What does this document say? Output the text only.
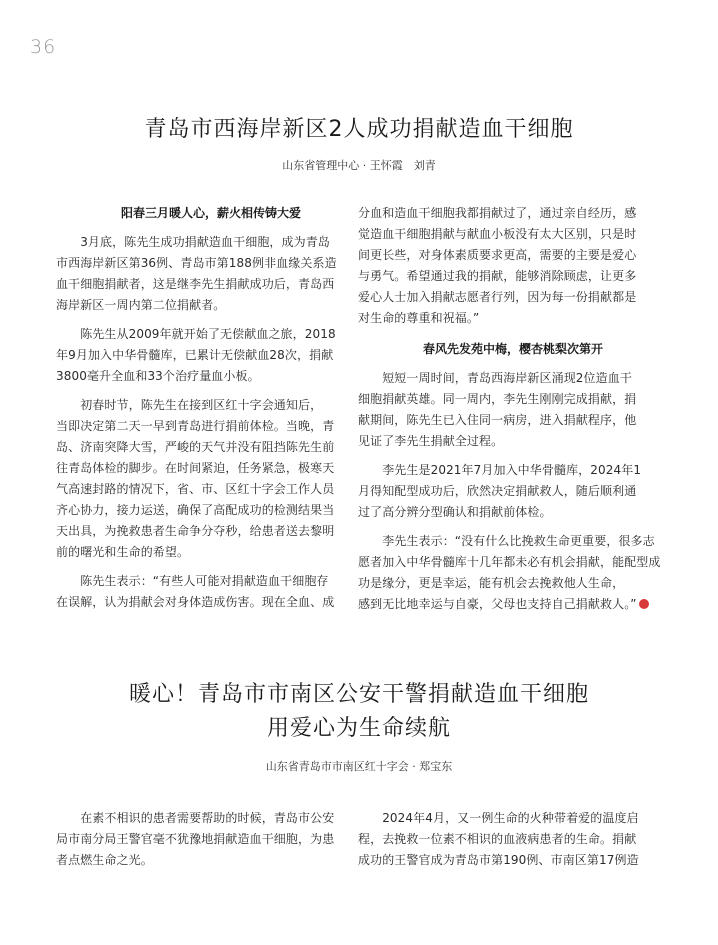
36
青岛市西海岸新区2人成功捐献造血干细胞
山东省管理中心 · 王怀霞　刘青
阳春三月暖人心，薪火相传铸大爱
　　3月底，陈先生成功捐献造血干细胞，成为青岛
市西海岸新区第36例、青岛市第188例非血缘关系造
血干细胞捐献者，这是继李先生捐献成功后，青岛西
海岸新区一周内第二位捐献者。
　　陈先生从2009年就开始了无偿献血之旅，2018
年9月加入中华骨髓库，已累计无偿献血28次，捐献
3800毫升全血和33个治疗量血小板。
　　初春时节，陈先生在接到区红十字会通知后，
当即决定第二天一早到青岛进行捐前体检。当晚，青
岛、济南突降大雪，严峻的天气并没有阻挡陈先生前
往青岛体检的脚步。在时间紧迫，任务紧急，极寒天
气高速封路的情况下，省、市、区红十字会工作人员
齐心协力，接力运送，确保了高配成功的检测结果当
天出具，为挽救患者生命争分夺秒，给患者送去黎明
前的曙光和生命的希望。
　　陈先生表示：“有些人可能对捐献造血干细胞存
在误解，认为捐献会对身体造成伤害。现在全血、成
分血和造血干细胞我都捐献过了，通过亲自经历，感
觉造血干细胞捐献与献血小板没有太大区别，只是时
间更长些，对身体素质要求更高，需要的主要是爱心
与勇气。希望通过我的捐献，能够消除顾虑，让更多
爱心人士加入捐献志愿者行列，因为每一份捐献都是
对生命的尊重和祝福。”
春风先发苑中梅，樱杏桃梨次第开
　　短短一周时间，青岛西海岸新区涌现2位造血干
细胞捐献英雄。同一周内，李先生刚刚完成捐献，捐
献期间，陈先生已入住同一病房，进入捐献程序，他
见证了李先生捐献全过程。
　　李先生是2021年7月加入中华骨髓库，2024年1
月得知配型成功后，欣然决定捐献救人，随后顺利通
过了高分辨分型确认和捐献前体检。
　　李先生表示：“没有什么比挽救生命更重要，很多志
愿者加入中华骨髓库十几年都未必有机会捐献，能配型成
功是缘分，更是幸运，能有机会去挽救他人生命，
感到无比地幸运与自豪，父母也支持自己捐献救人。”
暖心！青岛市市南区公安干警捐献造血干细胞
用爱心为生命续航
山东省青岛市市南区红十字会 · 郑宝东
　　在素不相识的患者需要帮助的时候，青岛市公安
局市南分局王警官毫不犹豫地捐献造血干细胞，为患
者点燃生命之光。
　　2024年4月，又一例生命的火种带着爱的温度启
程，去挽救一位素不相识的血液病患者的生命。捐献
成功的王警官成为青岛市第190例、市南区第17例造
